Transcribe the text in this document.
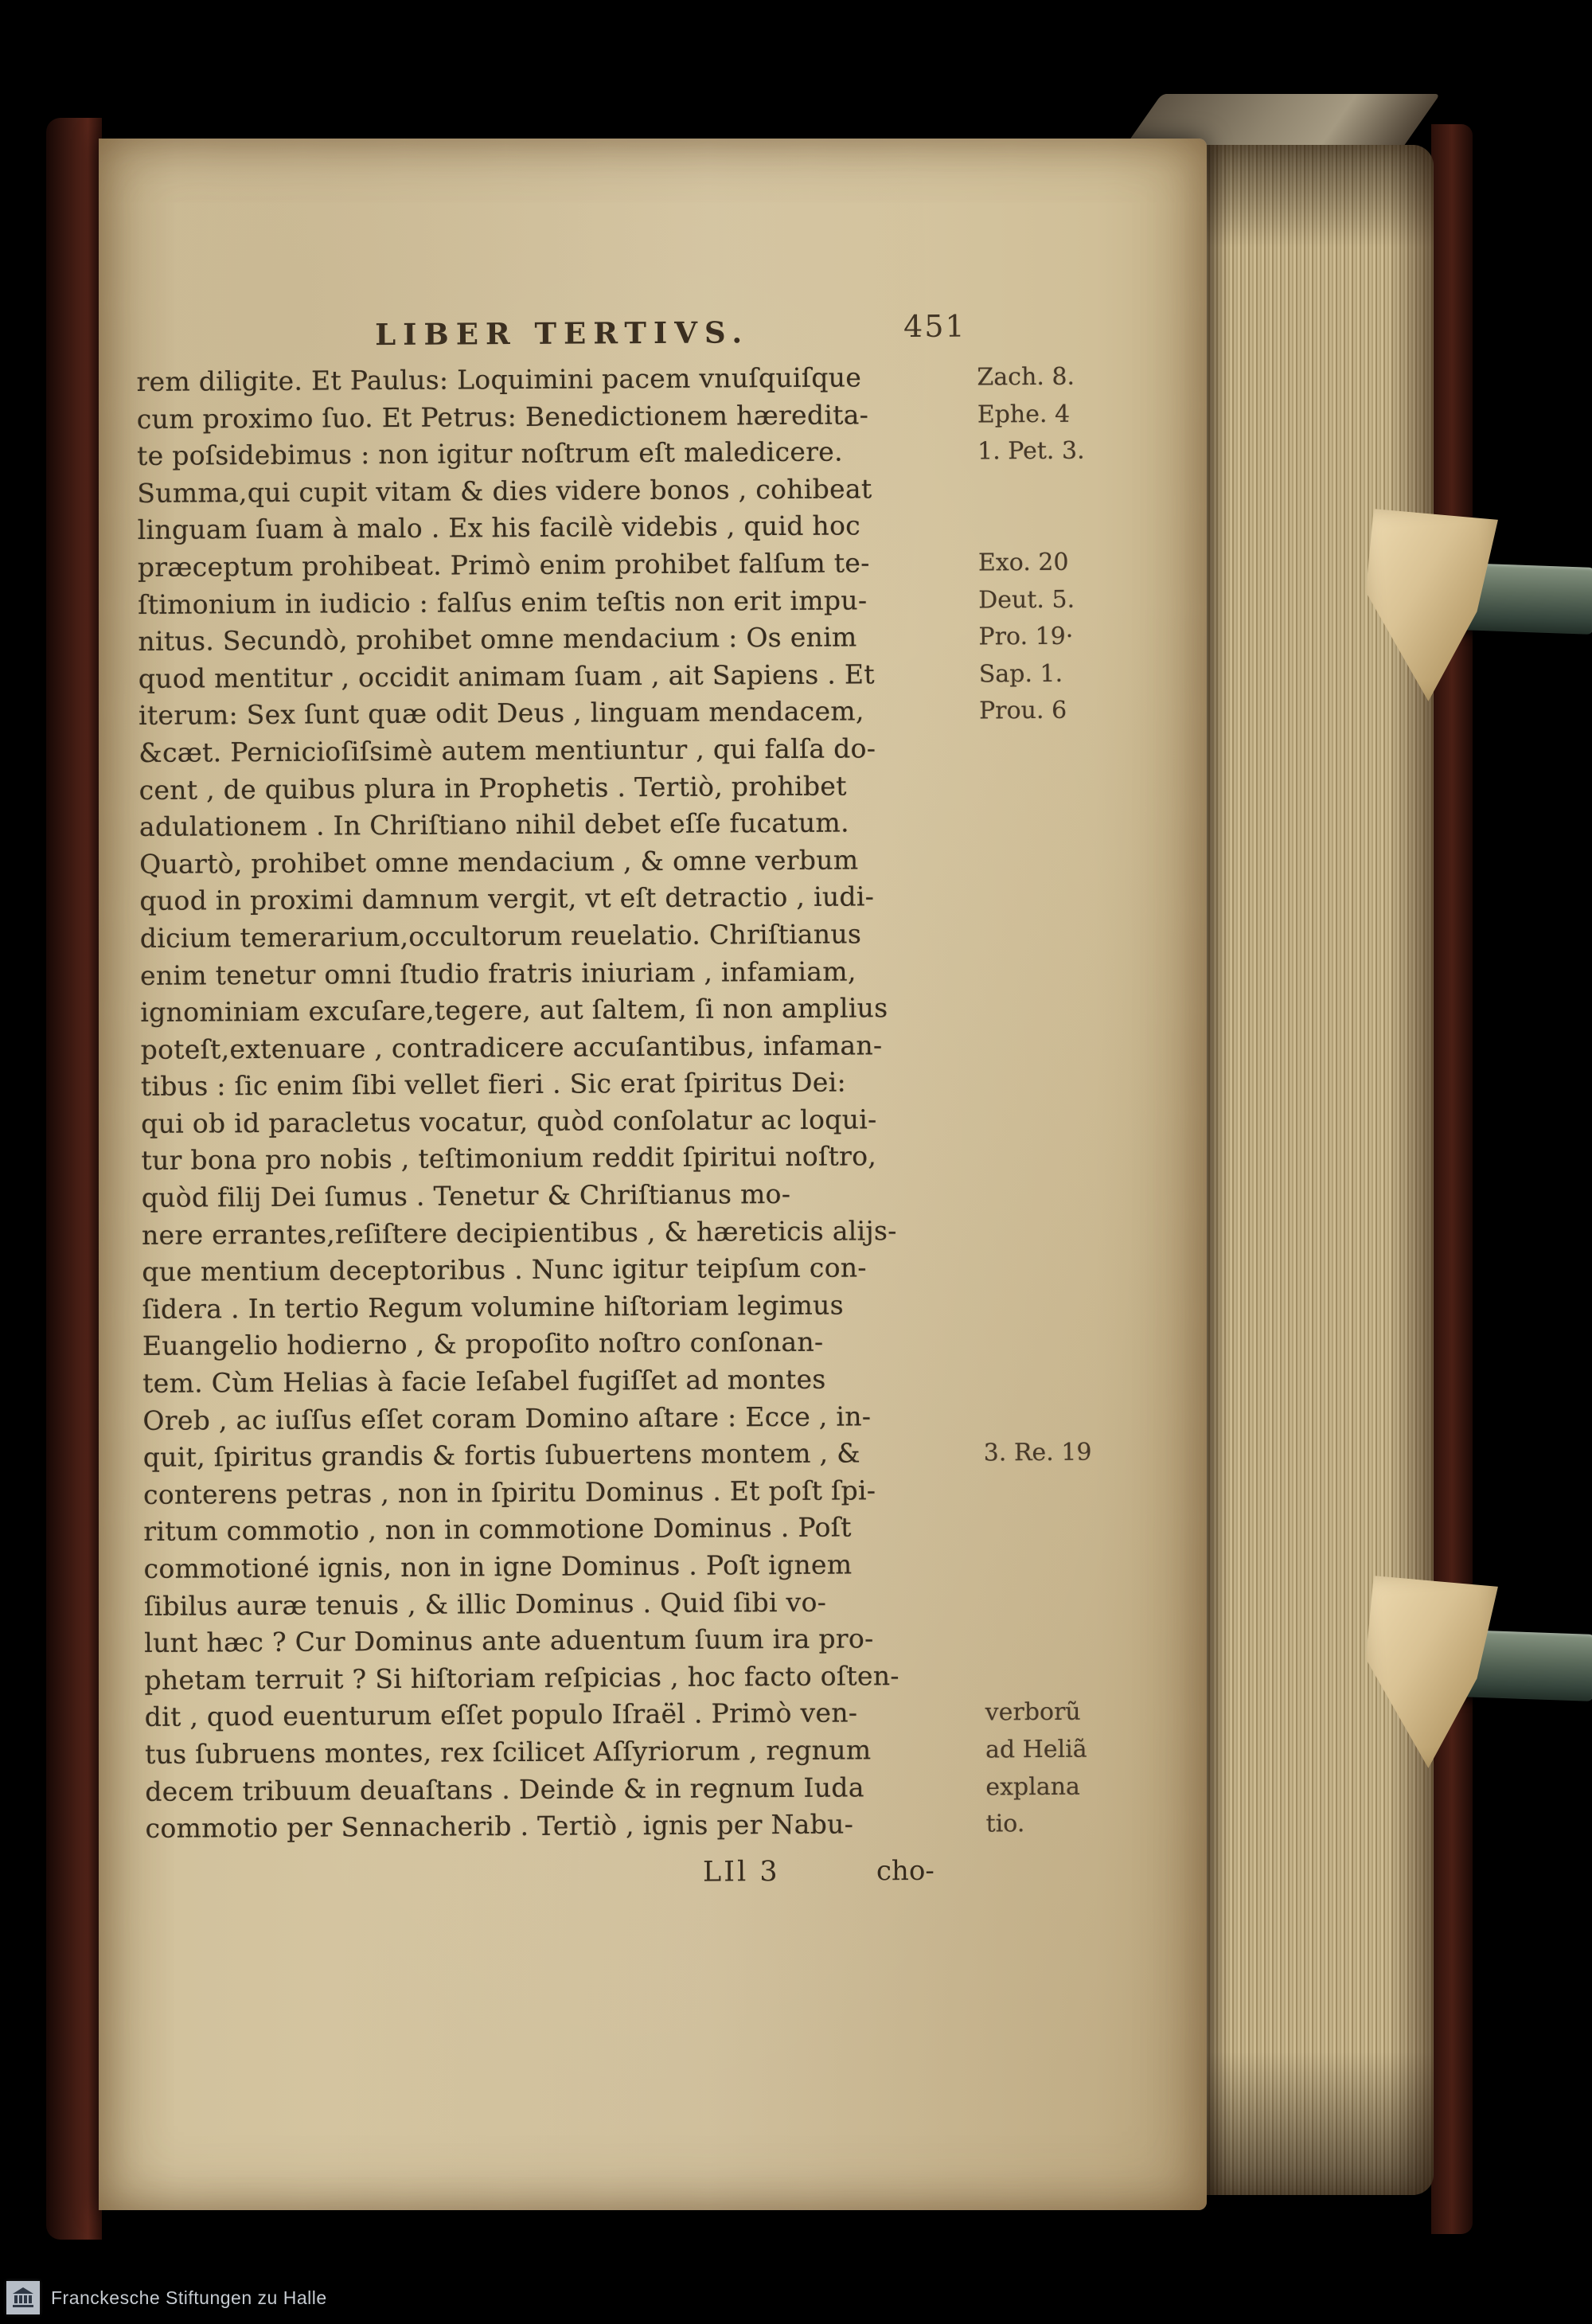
LIBER TERTIVS.	451
rem diligite. Et Paulus: Loquimini pacem vnuſquiſque	Zach. 8.
cum proximo ſuo. Et Petrus: Benedictionem hæredita-	Ephe. 4
te poſsidebimus : non igitur noſtrum eſt maledicere.	1. Pet. 3.
Summa,qui cupit vitam & dies videre bonos , cohibeat
linguam ſuam à malo . Ex his facilè videbis , quid hoc
præceptum prohibeat. Primò enim prohibet falſum te-	Exo. 20
ſtimonium in iudicio : falſus enim teſtis non erit impu-	Deut. 5.
nitus. Secundò, prohibet omne mendacium : Os enim	Pro. 19·
quod mentitur , occidit animam ſuam , ait Sapiens . Et	Sap. 1.
iterum: Sex ſunt quæ odit Deus , linguam mendacem,	Prou. 6
&cæt. Pernicioſiſsimè autem mentiuntur , qui falſa do-
cent , de quibus plura in Prophetis . Tertiò, prohibet
adulationem . In Chriſtiano nihil debet eſſe fucatum.
Quartò, prohibet omne mendacium , & omne verbum
quod in proximi damnum vergit, vt eſt detractio , iudi-
dicium temerarium,occultorum reuelatio. Chriſtianus
enim tenetur omni ſtudio fratris iniuriam , infamiam,
ignominiam excuſare,tegere, aut ſaltem, ſi non amplius
poteſt,extenuare , contradicere accuſantibus, infaman-
tibus : ſic enim ſibi vellet fieri . Sic erat ſpiritus Dei:
qui ob id paracletus vocatur, quòd conſolatur ac loqui-
tur bona pro nobis , teſtimonium reddit ſpiritui noſtro,
quòd filij Dei ſumus . Tenetur & Chriſtianus mo-
nere errantes,reſiſtere decipientibus , & hæreticis alijs-
que mentium deceptoribus . Nunc igitur teipſum con-
ſidera . In tertio Regum volumine hiſtoriam legimus
Euangelio hodierno , & propoſito noſtro conſonan-
tem. Cùm Helias à facie Ieſabel fugiſſet ad montes
Oreb , ac iuſſus eſſet coram Domino aſtare : Ecce , in-
quit, ſpiritus grandis & fortis ſubuertens montem , &	3. Re. 19
conterens petras , non in ſpiritu Dominus . Et poſt ſpi-
ritum commotio , non in commotione Dominus . Poſt
commotioné ignis, non in igne Dominus . Poſt ignem
ſibilus auræ tenuis , & illic Dominus . Quid ſibi vo-
lunt hæc ? Cur Dominus ante aduentum ſuum ira pro-
phetam terruit ? Si hiſtoriam reſpicias , hoc facto oſten-
dit , quod euenturum eſſet populo Iſraël . Primò ven-	verborũ
tus ſubruens montes, rex ſcilicet Aſſyriorum , regnum	ad Heliã
decem tribuum deuaſtans . Deinde & in regnum Iuda	explana
commotio per Sennacherib . Tertiò , ignis per Nabu-	tio.
LIl 3	cho-
Franckesche Stiftungen zu Halle
